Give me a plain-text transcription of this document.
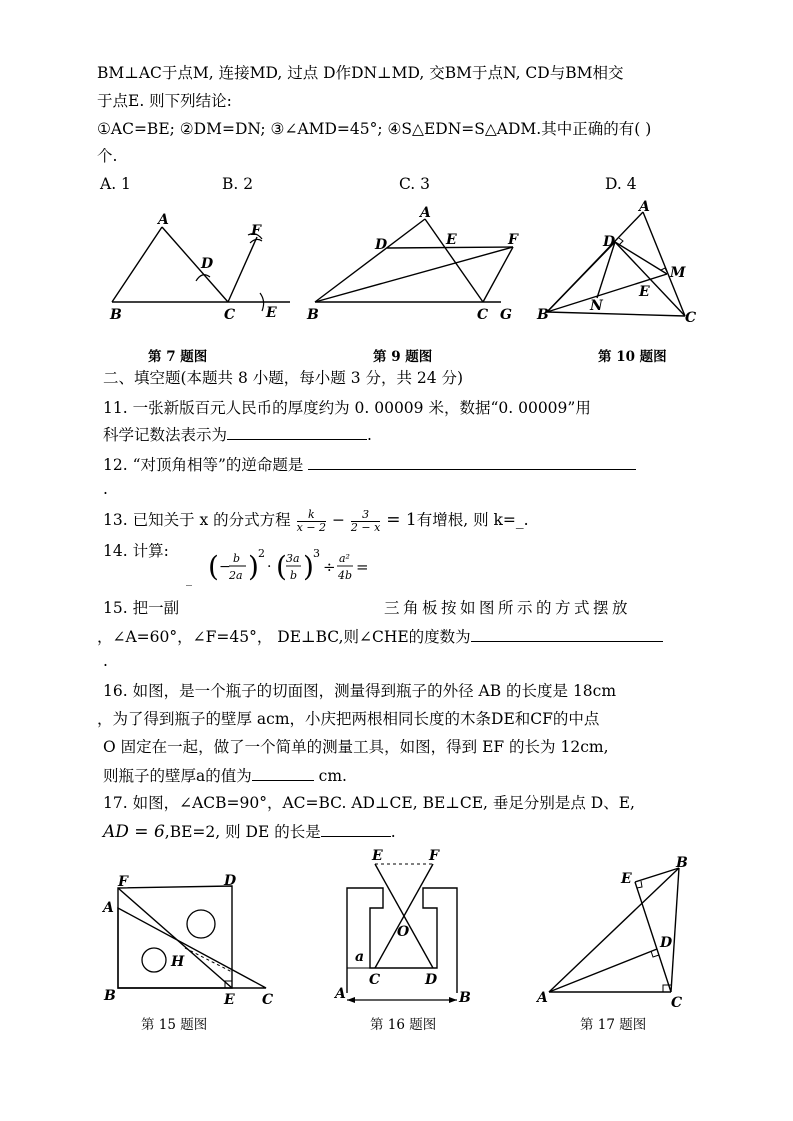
BM⊥AC于点M, 连接MD, 过点 D作DN⊥MD, 交BM于点N, CD与BM相交
于点E. 则下列结论:
①AC=BE; ②DM=DN; ③∠AMD=45°; ④S△EDN=S△ADM.其中正确的有( )
个.
A. 1	B. 2	C. 3	D. 4
A
D
F
B	C E
A
D	E	F
B	C G
A
D
M
E
N
B	C
第 7 题图	第 9 题图	第 10 题图
二、填空题(本题共 8 小题，每小题 3 分，共 24 分)
11. 一张新版百元人民币的厚度约为 0. 00009 米，数据“0. 00009”用
科学记数法表示为	.
12. “对顶角相等”的逆命题是
.
13. 已知关于 x 的分式方程 $\frac{k}{x - 2} - \frac{3}{2 - x} = 1$有增根, 则 k=_.
14. 计算: ( −
b
2a ) 2
· ( 3a
b ) 3
÷ a²
4b =
_
15. 把一副	三角板按如图所示的方式摆放
，∠A=60°，∠F=45°， DE⊥BC,则∠CHE的度数为
.
16. 如图，是一个瓶子的切面图，测量得到瓶子的外径 AB 的长度是 18cm
，为了得到瓶子的壁厚 acm，小庆把两根相同长度的木条DE和CF的中点
O 固定在一起，做了一个简单的测量工具，如图，得到 EF 的长为 12cm,
则瓶子的壁厚a的值为	cm.
17. 如图，∠ACB=90°，AC=BC. AD⊥CE, BE⊥CE, 垂足分别是点 D、E,
AD = 6,BE=2, 则 DE 的长是	.
F	D
A
H
B	E C
E	F
O
a
C	D
A	B
E
B
D
A	C
第 15 题图	第 16 题图	第 17 题图
